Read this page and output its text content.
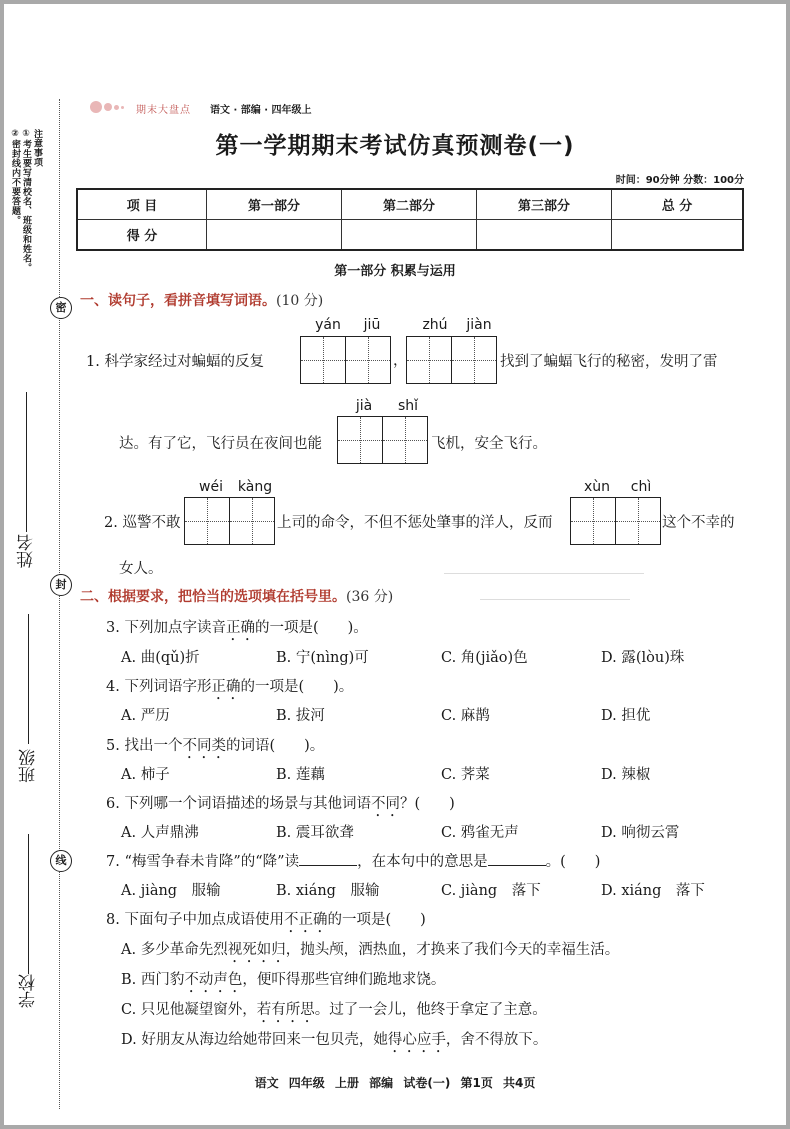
注意事项
①考生要写清校名、班级和姓名。
②密封线内不要答题。
密
封
线
姓名
班级
学校
期末大盘点 语文 · 部编 · 四年级上
第一学期期末考试仿真预测卷(一)
时间：90分钟 分数：100分
项 目	第一部分	第二部分	第三部分	总 分
得 分				
第一部分 积累与运用
一、读句子，看拼音填写词语。(10 分)
yán	jiū	zhú	jiàn
1. 科学家经过对蝙蝠的反复	，	找到了蝙蝠飞行的秘密，发明了雷
jià	shǐ
达。有了它，飞行员在夜间也能	飞机，安全飞行。
wéi	kàng	xùn	chì
2. 巡警不敢	上司的命令，不但不惩处肇事的洋人，反而	这个不幸的
女人。
二、根据要求，把恰当的选项填在括号里。(36 分)
3. 下列加点字读音正确的一项是(　　)。
A. 曲(qǔ)折	B. 宁(nìng)可	C. 角(jiǎo)色	D. 露(lòu)珠
4. 下列词语字形正确的一项是(　　)。
A. 严历	B. 拔河	C. 麻鹊	D. 担优
5. 找出一个不同类的词语(　　)。
A. 柿子	B. 莲藕	C. 荠菜	D. 辣椒
6. 下列哪一个词语描述的场景与其他词语不同？(　　)
A. 人声鼎沸	B. 震耳欲聋	C. 鸦雀无声	D. 响彻云霄
7. “梅雪争春未肯降”的“降”读	，在本句中的意思是	。(　　)
A. jiàng　服输	B. xiáng　服输	C. jiàng　落下	D. xiáng　落下
8. 下面句子中加点成语使用不正确的一项是(　　)
A. 多少革命先烈视死如归，抛头颅，洒热血，才换来了我们今天的幸福生活。
B. 西门豹不动声色，便吓得那些官绅们跪地求饶。
C. 只见他凝望窗外，若有所思。过了一会儿，他终于拿定了主意。
D. 好朋友从海边给她带回来一包贝壳，她得心应手，舍不得放下。
语文 四年级 上册 部编 试卷(一) 第1页 共4页
